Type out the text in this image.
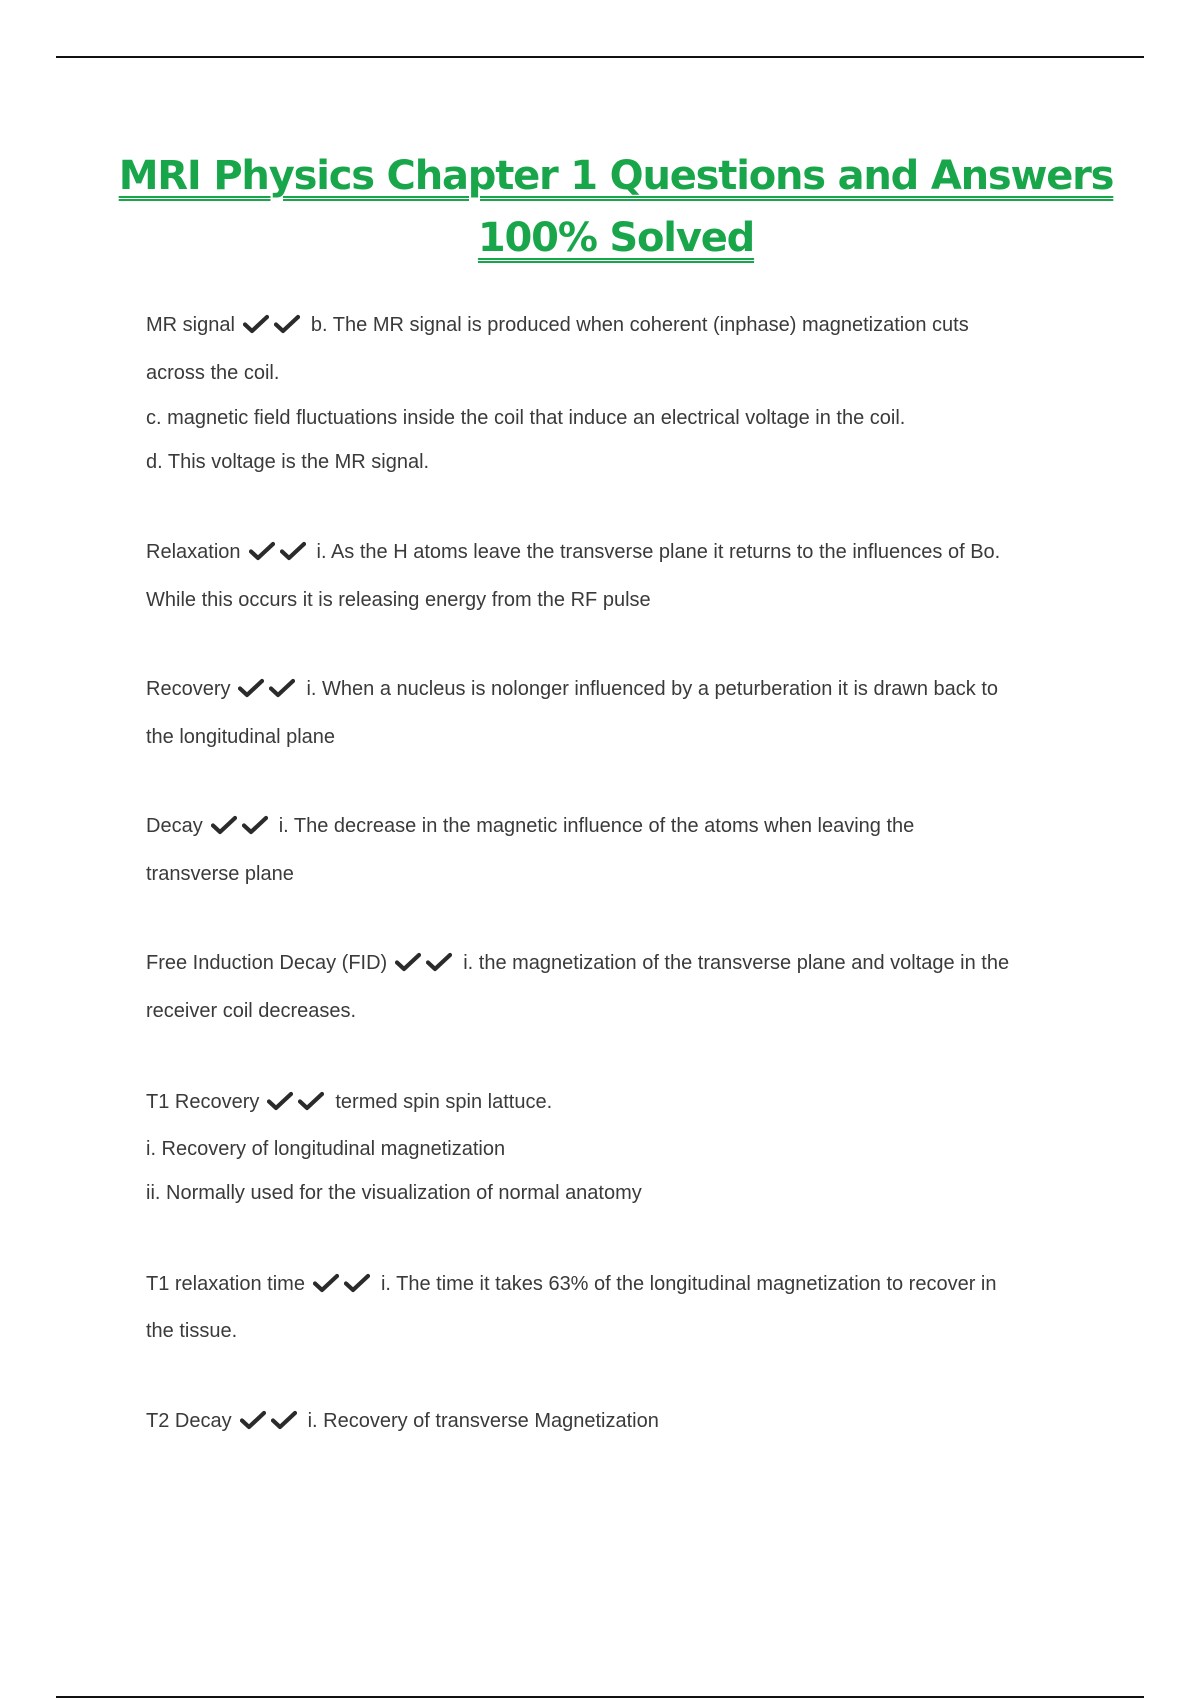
MRI Physics Chapter 1 Questions and Answers
100% Solved
MR signal	b. The MR signal is produced when coherent (inphase) magnetization cuts
across the coil.
c. magnetic field fluctuations inside the coil that induce an electrical voltage in the coil.
d. This voltage is the MR signal.
Relaxation	i. As the H atoms leave the transverse plane it returns to the influences of Bo.
While this occurs it is releasing energy from the RF pulse
Recovery	i. When a nucleus is nolonger influenced by a peturberation it is drawn back to
the longitudinal plane
Decay	i. The decrease in the magnetic influence of the atoms when leaving the
transverse plane
Free Induction Decay (FID)	i. the magnetization of the transverse plane and voltage in the
receiver coil decreases.
T1 Recovery	termed spin spin lattuce.
i. Recovery of longitudinal magnetization
ii. Normally used for the visualization of normal anatomy
T1 relaxation time	i. The time it takes 63% of the longitudinal magnetization to recover in
the tissue.
T2 Decay	i. Recovery of transverse Magnetization
